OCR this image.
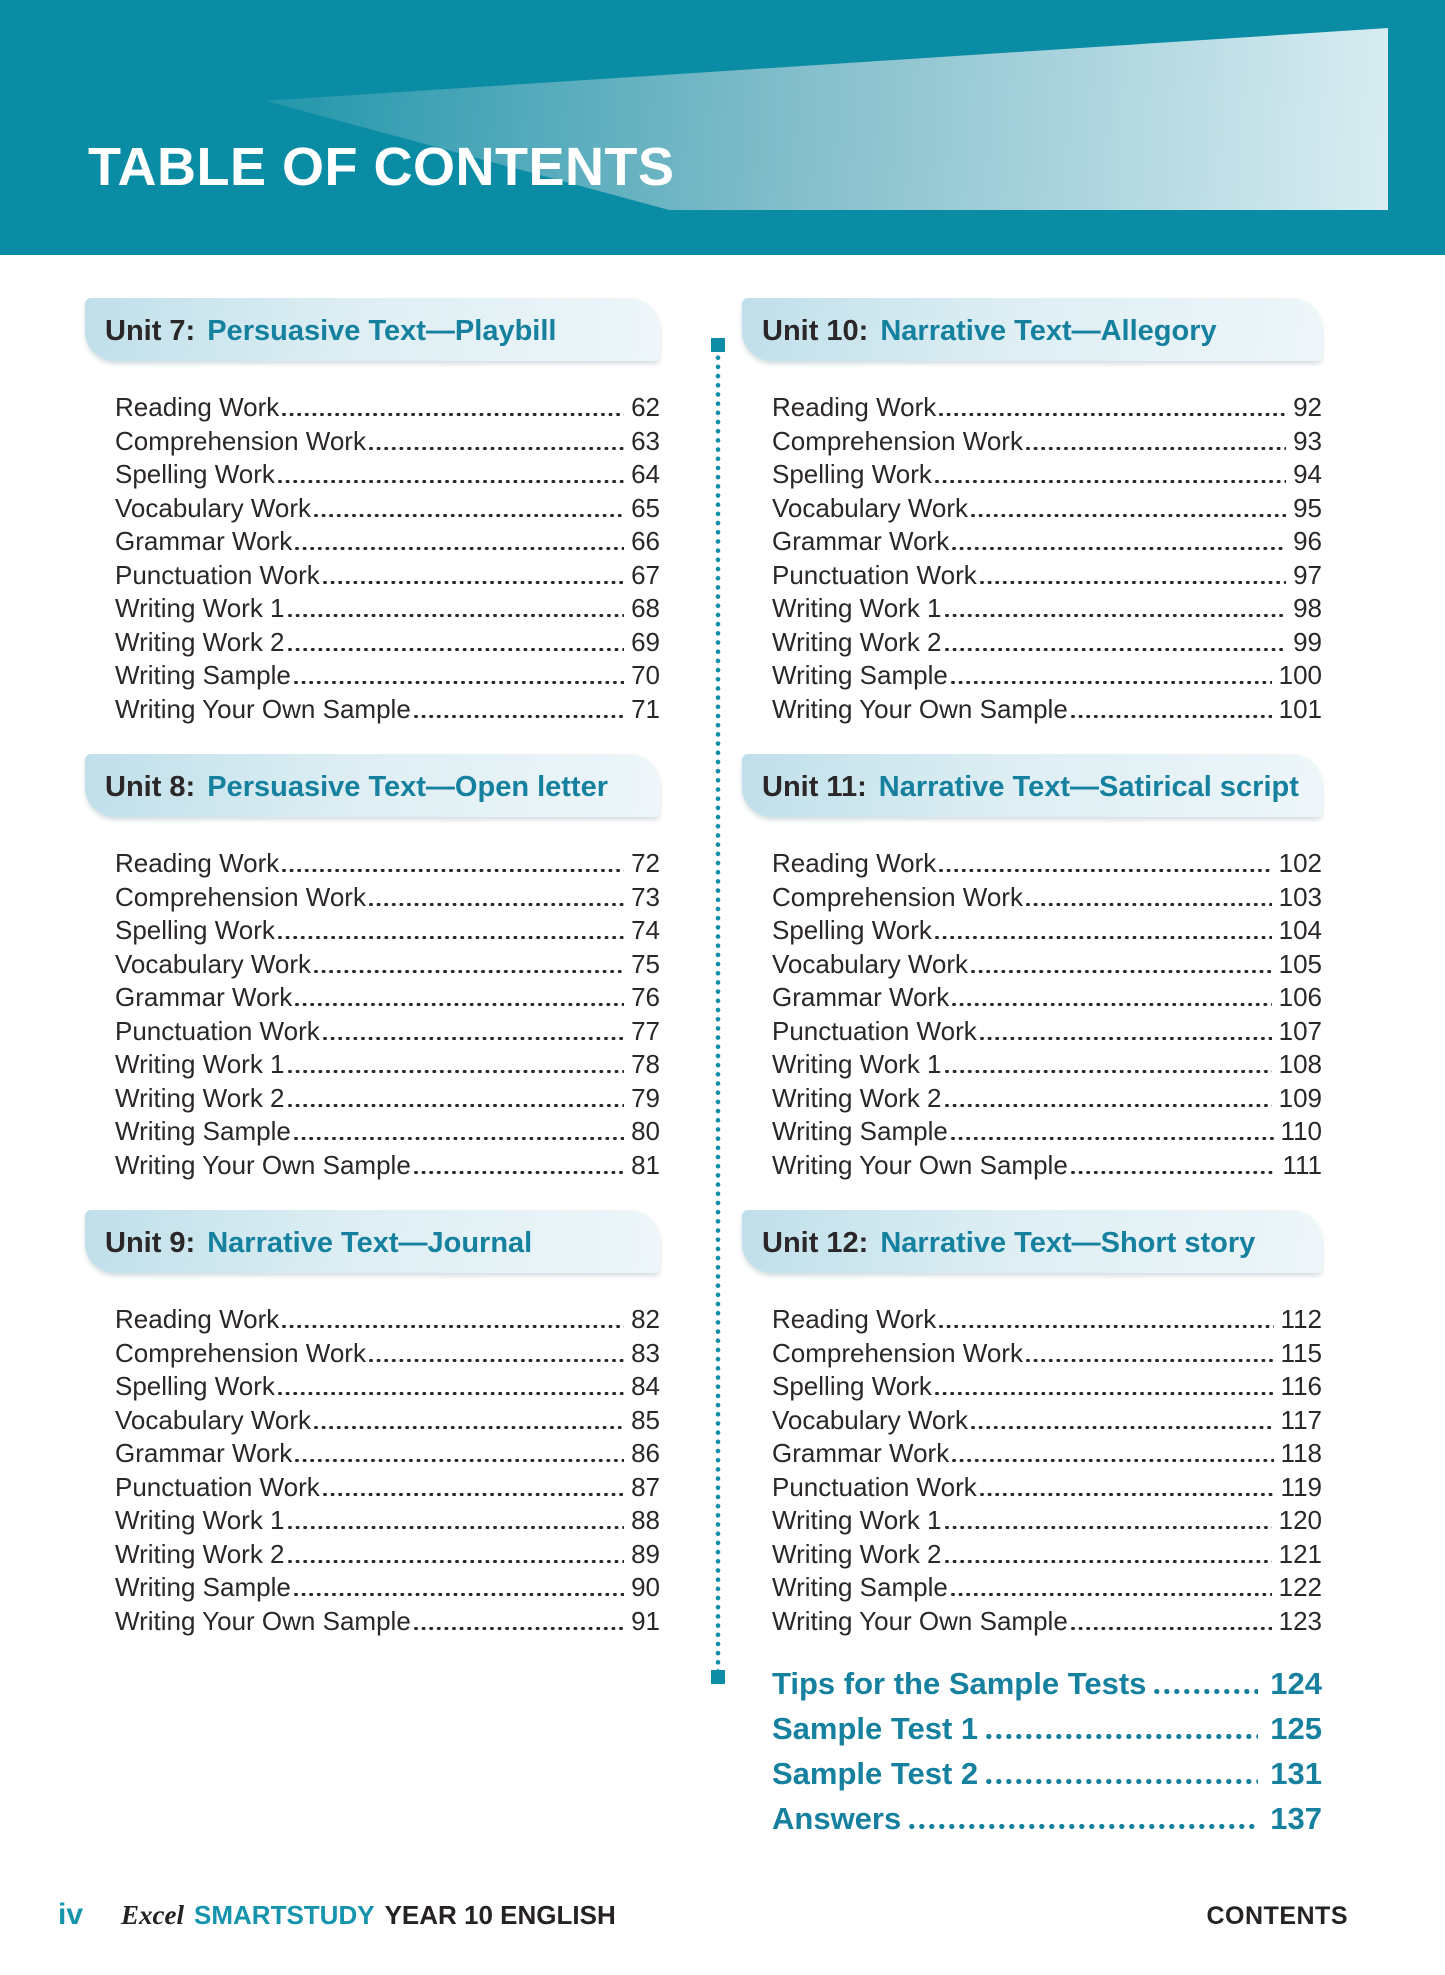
TABLE OF CONTENTS
Unit 7: Persuasive Text—Playbill
Reading Work	62
Comprehension Work	63
Spelling Work	64
Vocabulary Work	65
Grammar Work	66
Punctuation Work	67
Writing Work 1	68
Writing Work 2	69
Writing Sample	70
Writing Your Own Sample	71
Unit 8: Persuasive Text—Open letter
Reading Work	72
Comprehension Work	73
Spelling Work	74
Vocabulary Work	75
Grammar Work	76
Punctuation Work	77
Writing Work 1	78
Writing Work 2	79
Writing Sample	80
Writing Your Own Sample	81
Unit 9: Narrative Text—Journal
Reading Work	82
Comprehension Work	83
Spelling Work	84
Vocabulary Work	85
Grammar Work	86
Punctuation Work	87
Writing Work 1	88
Writing Work 2	89
Writing Sample	90
Writing Your Own Sample	91
Unit 10: Narrative Text—Allegory
Reading Work	92
Comprehension Work	93
Spelling Work	94
Vocabulary Work	95
Grammar Work	96
Punctuation Work	97
Writing Work 1	98
Writing Work 2	99
Writing Sample	100
Writing Your Own Sample	101
Unit 11: Narrative Text—Satirical script
Reading Work	102
Comprehension Work	103
Spelling Work	104
Vocabulary Work	105
Grammar Work	106
Punctuation Work	107
Writing Work 1	108
Writing Work 2	109
Writing Sample	110
Writing Your Own Sample	111
Unit 12: Narrative Text—Short story
Reading Work	112
Comprehension Work	115
Spelling Work	116
Vocabulary Work	117
Grammar Work	118
Punctuation Work	119
Writing Work 1	120
Writing Work 2	121
Writing Sample	122
Writing Your Own Sample	123
Tips for the Sample Tests	124
Sample Test 1	125
Sample Test 2	131
Answers	137
iv Excel SMARTSTUDY YEAR 10 ENGLISH	CONTENTS
